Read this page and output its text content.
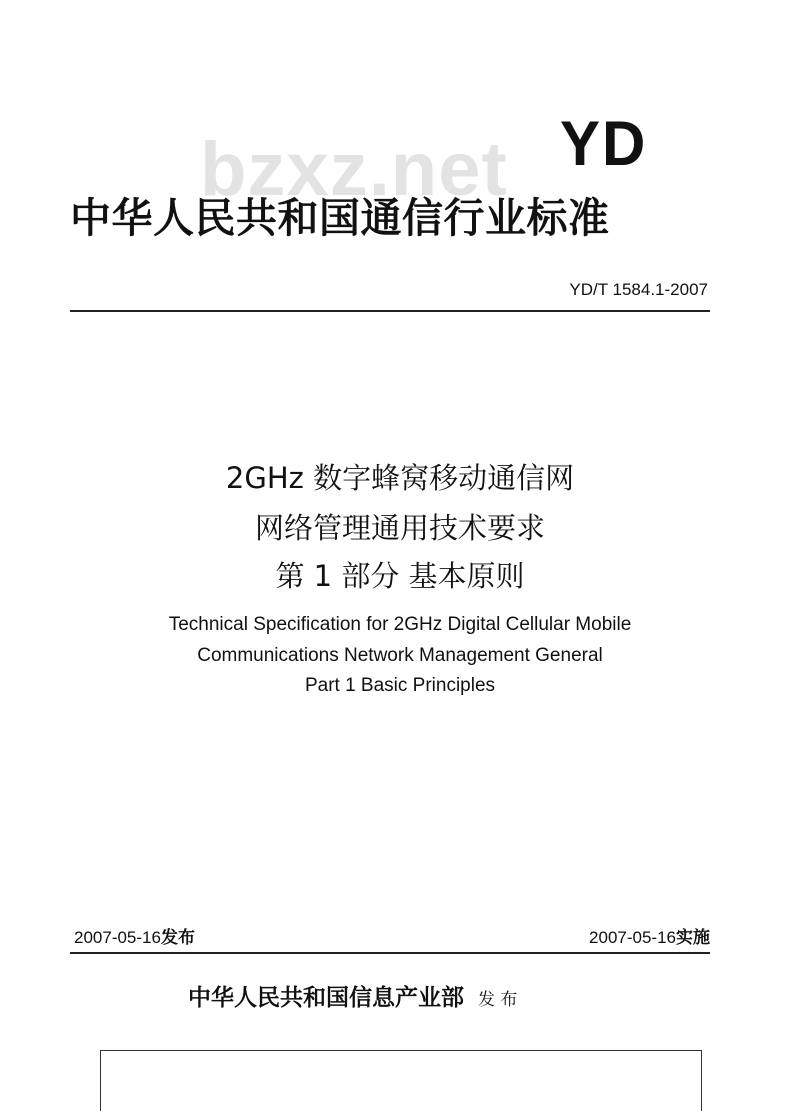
bzxz.net YD
中华人民共和国通信行业标准
YD/T 1584.1-2007
2GHz 数字蜂窝移动通信网
网络管理通用技术要求
第 1 部分 基本原则
Technical Specification for 2GHz Digital Cellular Mobile
Communications Network Management General
Part 1 Basic Principles
2007-05-16发布	2007-05-16实施
中华人民共和国信息产业部 发 布
